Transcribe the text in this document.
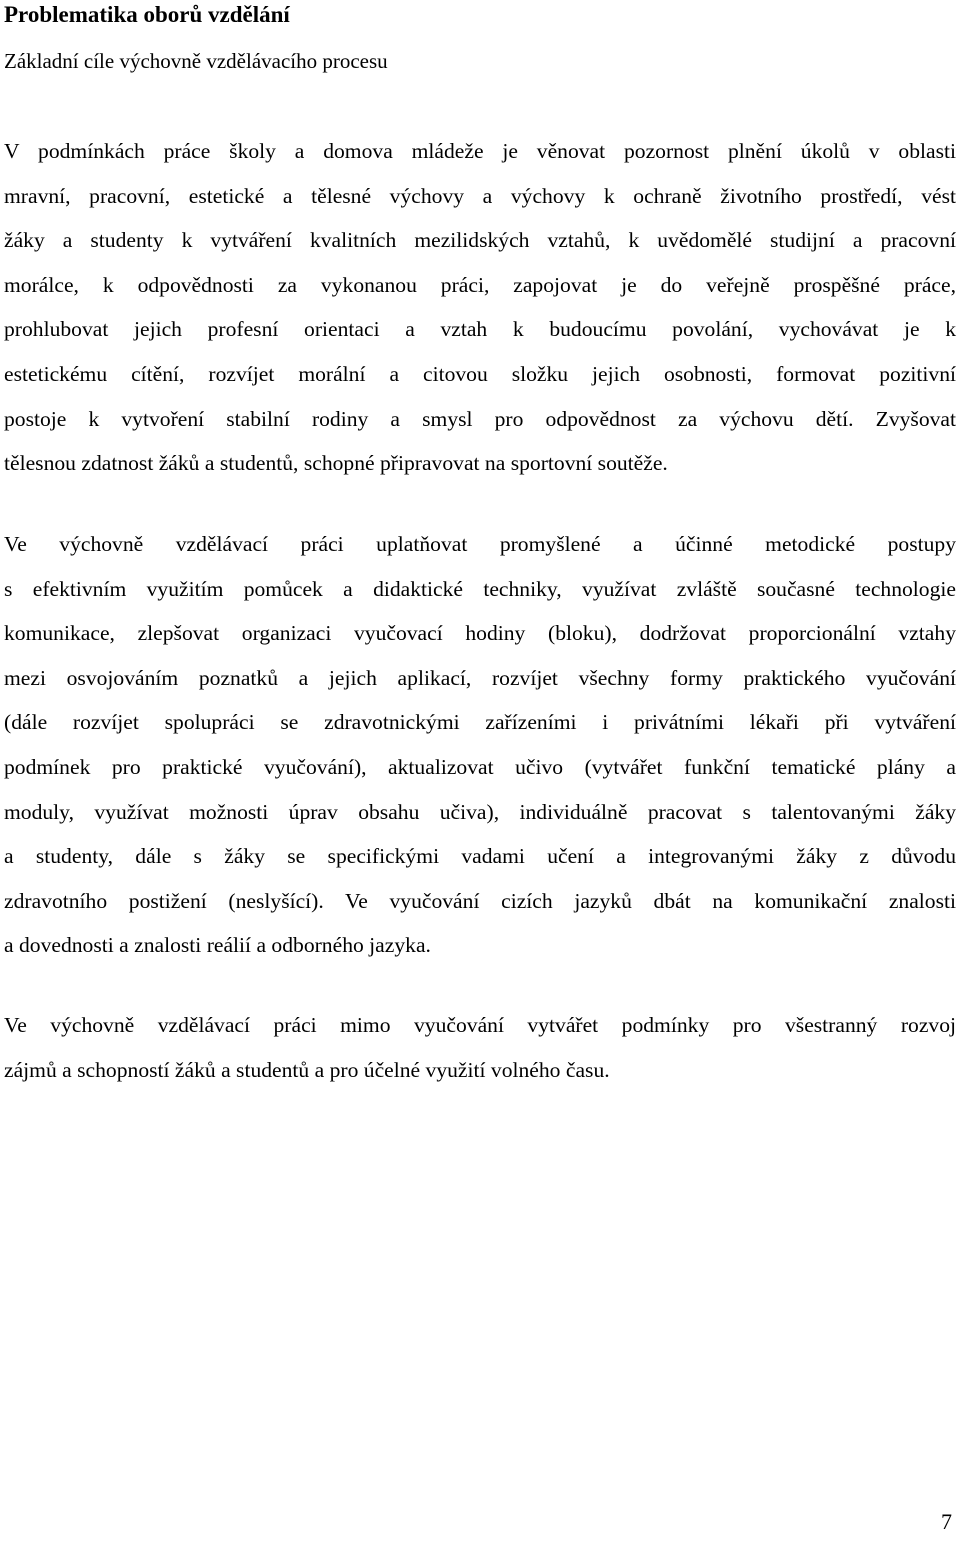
Problematika oborů vzdělání
Základní cíle výchovně vzdělávacího procesu

V podmínkách práce školy a domova mládeže je věnovat pozornost plnění úkolů v oblasti
mravní, pracovní, estetické a tělesné výchovy a výchovy k ochraně životního prostředí, vést
žáky a studenty k vytváření kvalitních mezilidských vztahů, k uvědomělé studijní a pracovní
morálce, k odpovědnosti za vykonanou práci, zapojovat je do veřejně prospěšné práce,
prohlubovat jejich profesní orientaci a vztah k budoucímu povolání, vychovávat je k
estetickému cítění, rozvíjet morální a citovou složku jejich osobnosti, formovat pozitivní
postoje k vytvoření stabilní rodiny a smysl pro odpovědnost za výchovu dětí. Zvyšovat
tělesnou zdatnost žáků a studentů, schopné připravovat na sportovní soutěže.

Ve výchovně vzdělávací práci uplatňovat promyšlené a účinné metodické postupy
s efektivním využitím pomůcek a didaktické techniky, využívat zvláště současné technologie
komunikace, zlepšovat organizaci vyučovací hodiny (bloku), dodržovat proporcionální vztahy
mezi osvojováním poznatků a jejich aplikací, rozvíjet všechny formy praktického vyučování
(dále rozvíjet spolupráci se zdravotnickými zařízeními i privátními lékaři při vytváření
podmínek pro praktické vyučování), aktualizovat učivo (vytvářet funkční tematické plány a
moduly, využívat možnosti úprav obsahu učiva), individuálně pracovat s talentovanými žáky
a studenty, dále s žáky se specifickými vadami učení a integrovanými žáky z důvodu
zdravotního postižení (neslyšící). Ve vyučování cizích jazyků dbát na komunikační znalosti
a dovednosti a znalosti reálií a odborného jazyka.

Ve výchovně vzdělávací práci mimo vyučování vytvářet podmínky pro všestranný rozvoj
zájmů a schopností žáků a studentů a pro účelné využití volného času.

7
